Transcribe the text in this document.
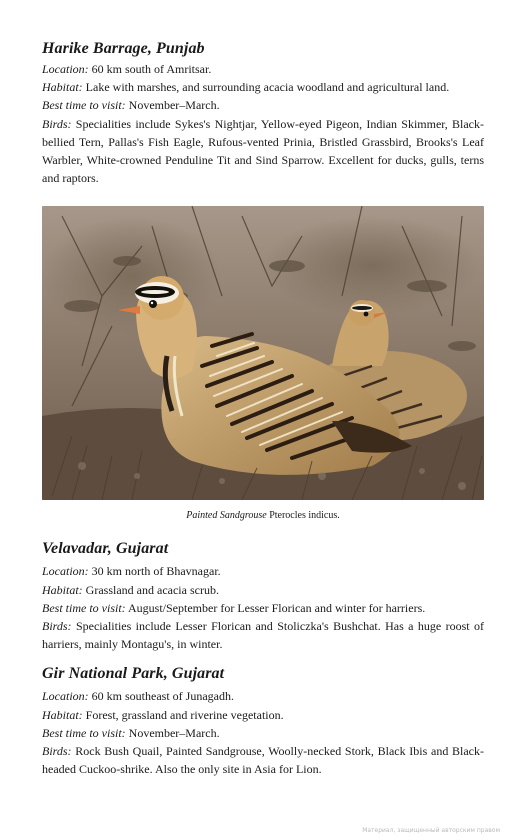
Harike Barrage, Punjab

Location: 60 km south of Amritsar.

Habitat: Lake with marshes, and surrounding acacia woodland and agricultural land.

Best time to visit: November–March.

Birds: Specialities include Sykes's Nightjar, Yellow-eyed Pigeon, Indian Skimmer, Black-bellied Tern, Pallas's Fish Eagle, Rufous-vented Prinia, Bristled Grassbird, Brooks's Leaf Warbler, White-crowned Penduline Tit and Sind Sparrow. Excellent for ducks, gulls, terns and raptors.

Painted Sandgrouse Pterocles indicus.
Velavadar, Gujarat

Location: 30 km north of Bhavnagar.

Habitat: Grassland and acacia scrub.

Best time to visit: August/September for Lesser Florican and winter for harriers.

Birds: Specialities include Lesser Florican and Stoliczka's Bushchat. Has a huge roost of harriers, mainly Montagu's, in winter.

Gir National Park, Gujarat

Location: 60 km southeast of Junagadh.

Habitat: Forest, grassland and riverine vegetation.

Best time to visit: November–March.

Birds: Rock Bush Quail, Painted Sandgrouse, Woolly-necked Stork, Black Ibis and Black-headed Cuckoo-shrike. Also the only site in Asia for Lion.

Материал, защищенный авторским правом
